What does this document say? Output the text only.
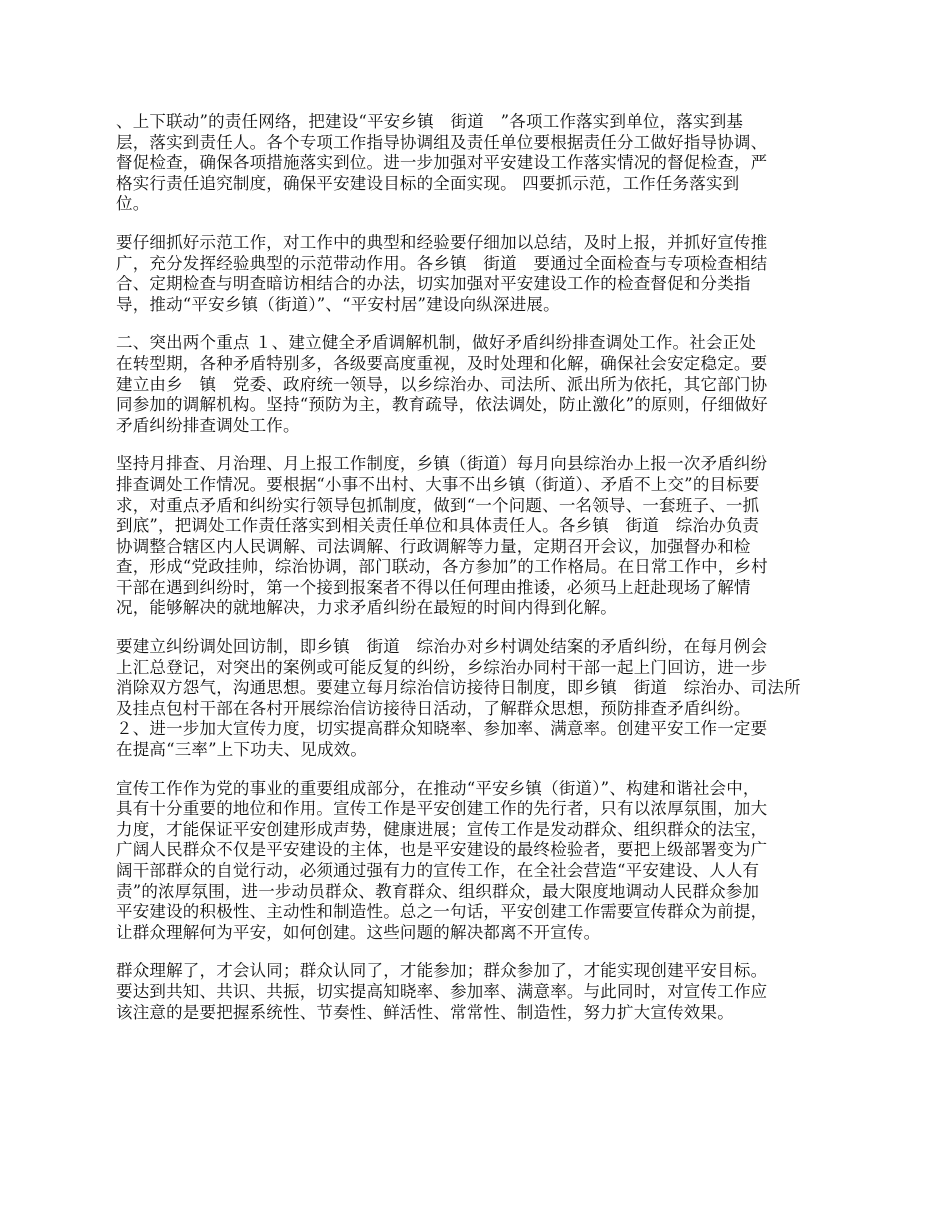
、上下联动”的责任网络，把建设“平安乡镇　街道　”各项工作落实到单位，落实到基
层，落实到责任人。各个专项工作指导协调组及责任单位要根据责任分工做好指导协调、
督促检查，确保各项措施落实到位。进一步加强对平安建设工作落实情况的督促检查，严
格实行责任追究制度，确保平安建设目标的全面实现。 四要抓示范，工作任务落实到
位。
要仔细抓好示范工作，对工作中的典型和经验要仔细加以总结，及时上报，并抓好宣传推
广，充分发挥经验典型的示范带动作用。各乡镇　街道　要通过全面检查与专项检查相结
合、定期检查与明查暗访相结合的办法，切实加强对平安建设工作的检查督促和分类指
导，推动“平安乡镇（街道）”、“平安村居”建设向纵深进展。
二、突出两个重点 １、建立健全矛盾调解机制，做好矛盾纠纷排查调处工作。社会正处
在转型期，各种矛盾特别多，各级要高度重视，及时处理和化解，确保社会安定稳定。要
建立由乡　镇　党委、政府统一领导，以乡综治办、司法所、派出所为依托，其它部门协
同参加的调解机构。坚持“预防为主，教育疏导，依法调处，防止激化”的原则，仔细做好
矛盾纠纷排查调处工作。
坚持月排查、月治理、月上报工作制度，乡镇（街道）每月向县综治办上报一次矛盾纠纷
排查调处工作情况。要根据“小事不出村、大事不出乡镇（街道）、矛盾不上交”的目标要
求，对重点矛盾和纠纷实行领导包抓制度，做到“一个问题、一名领导、一套班子、一抓
到底”，把调处工作责任落实到相关责任单位和具体责任人。各乡镇　街道　综治办负责
协调整合辖区内人民调解、司法调解、行政调解等力量，定期召开会议，加强督办和检
查，形成“党政挂帅，综治协调，部门联动，各方参加”的工作格局。在日常工作中，乡村
干部在遇到纠纷时，第一个接到报案者不得以任何理由推诿，必须马上赶赴现场了解情
况，能够解决的就地解决，力求矛盾纠纷在最短的时间内得到化解。
要建立纠纷调处回访制，即乡镇　街道　综治办对乡村调处结案的矛盾纠纷，在每月例会
上汇总登记，对突出的案例或可能反复的纠纷，乡综治办同村干部一起上门回访，进一步
消除双方怨气，沟通思想。要建立每月综治信访接待日制度，即乡镇　街道　综治办、司法所
及挂点包村干部在各村开展综治信访接待日活动，了解群众思想，预防排查矛盾纠纷。
２、进一步加大宣传力度，切实提高群众知晓率、参加率、满意率。创建平安工作一定要
在提高“三率”上下功夫、见成效。
宣传工作作为党的事业的重要组成部分，在推动“平安乡镇（街道）”、构建和谐社会中，
具有十分重要的地位和作用。宣传工作是平安创建工作的先行者，只有以浓厚氛围，加大
力度，才能保证平安创建形成声势，健康进展；宣传工作是发动群众、组织群众的法宝，
广阔人民群众不仅是平安建设的主体，也是平安建设的最终检验者，要把上级部署变为广
阔干部群众的自觉行动，必须通过强有力的宣传工作，在全社会营造“平安建设、人人有
责”的浓厚氛围，进一步动员群众、教育群众、组织群众，最大限度地调动人民群众参加
平安建设的积极性、主动性和制造性。总之一句话，平安创建工作需要宣传群众为前提，
让群众理解何为平安，如何创建。这些问题的解决都离不开宣传。
群众理解了，才会认同；群众认同了，才能参加；群众参加了，才能实现创建平安目标。
要达到共知、共识、共振，切实提高知晓率、参加率、满意率。与此同时，对宣传工作应
该注意的是要把握系统性、节奏性、鲜活性、常常性、制造性，努力扩大宣传效果。
